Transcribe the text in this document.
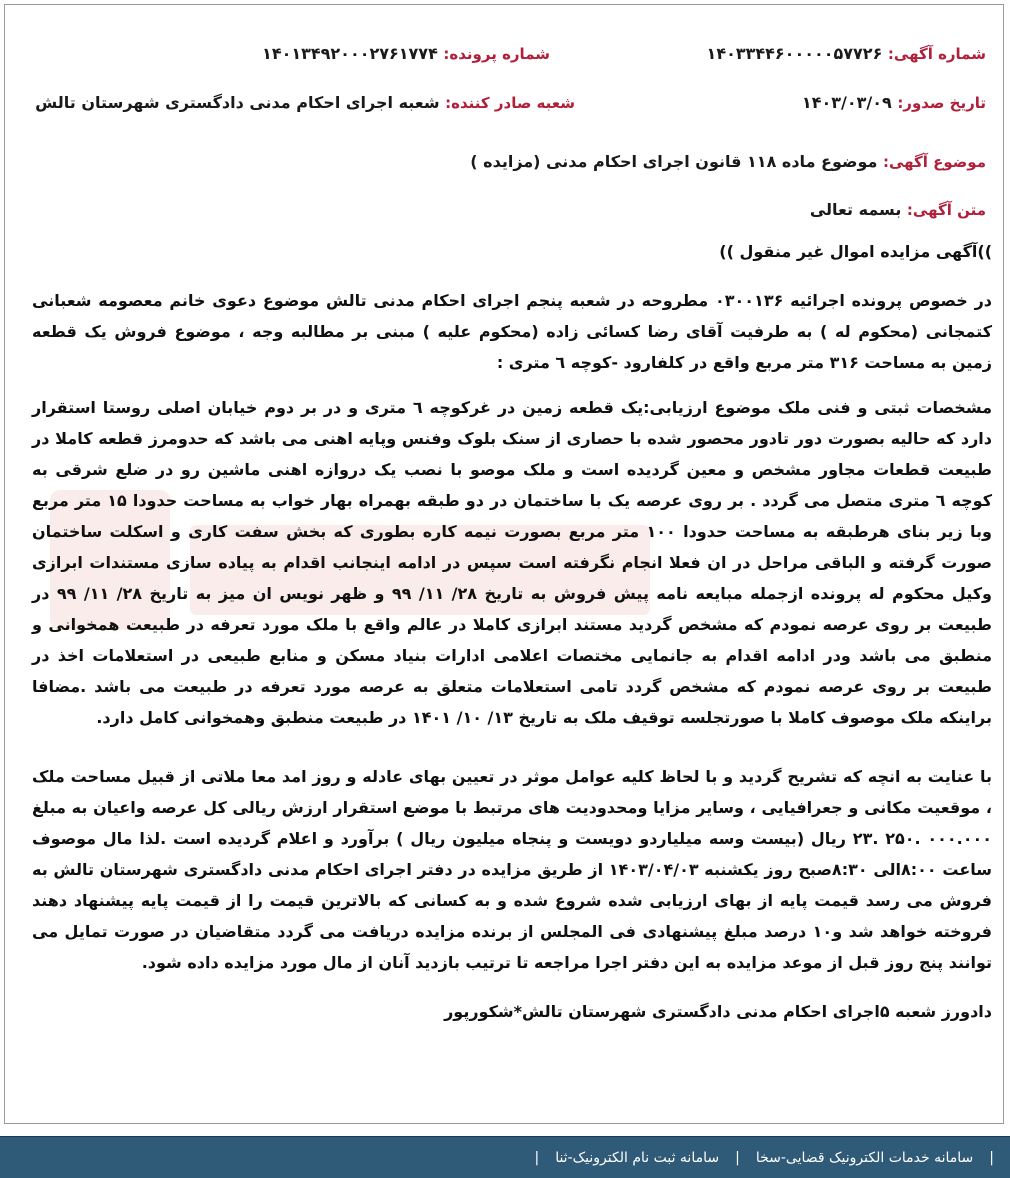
شماره آگهی: ۱۴۰۳۳۴۴۶۰۰۰۰۰۵۷۷۲۶
شماره پرونده: ۱۴۰۱۳۴۹۲۰۰۰۲۷۶۱۷۷۴
تاریخ صدور: ۱۴۰۳/۰۳/۰۹
شعبه صادر کننده: شعبه اجرای احکام مدنی دادگستری شهرستان تالش
موضوع آگهی: موضوع ماده ۱۱۸ قانون اجرای احکام مدنی (مزایده )
متن آگهی: بسمه تعالی

))آگهی مزایده اموال غیر منقول ))

در خصوص پرونده اجرائیه ۰۳۰۰۱۳۶ مطروحه در شعبه پنجم اجرای احکام مدنی تالش موضوع دعوی خانم معصومه شعبانی کتمجانی (محکوم له ) به طرفیت آقای رضا کسائی زاده (محکوم علیه ) مبنی بر مطالبه وجه ، موضوع فروش یک قطعه زمین به مساحت ۳۱۶ متر مربع واقع در کلفارود -کوچه ٦ متری :

مشخصات ثبتی و فنی ملک موضوع ارزیابی:یک قطعه زمین در غرکوچه ٦ متری و در بر دوم خیابان اصلی روستا استقرار دارد که حالیه بصورت دور تادور محصور شده با حصاری از سنک بلوک وفنس وپایه اهنی می باشد که حدومرز قطعه کاملا در طبیعت قطعات مجاور مشخص و معین گردیده است و ملک موصو با نصب یک دروازه اهنی ماشین رو در ضلع شرقی به کوچه ٦ متری متصل می گردد . بر روی عرصه یک با ساختمان در دو طبقه بهمراه بهار خواب به مساحت حدودا ۱۵ متر مربع وبا زیر بنای هرطبقه به مساحت حدودا ۱۰۰ متر مربع بصورت نیمه کاره بطوری که بخش سفت کاری و اسکلت ساختمان صورت گرفته و الباقی مراحل در ان فعلا انجام نگرفته است سپس در ادامه اینجانب اقدام به پیاده سازی مستندات ابرازی وکیل محکوم له پرونده ازجمله مبایعه نامه پیش فروش به تاریخ ۲۸/ ۱۱/ ۹۹ و ظهر نویس ان میز به تاریخ ۲۸/ ۱۱/ ۹۹ در طبیعت بر روی عرصه نمودم که مشخص گردید مستند ابرازی کاملا در عالم واقع با ملک مورد تعرفه در طبیعت همخوانی و منطبق می باشد ودر ادامه اقدام به جانمایی مختصات اعلامی ادارات بنیاد مسکن و منابع طبیعی در استعلامات اخذ در طبیعت بر روی عرصه نمودم که مشخص گردد تامی استعلامات متعلق به عرصه مورد تعرفه در طبیعت می باشد .مضافا براینکه ملک موصوف کاملا با صورتجلسه توقیف ملک به تاریخ ۱۳/ ۱۰/ ۱۴۰۱ در طبیعت منطبق وهمخوانی کامل دارد.

با عنایت به انچه که تشریح گردید و با لحاظ کلیه عوامل موثر در تعیین بهای عادله و روز امد معا ملاتی از قبیل مساحت ملک ، موقعیت مکانی و جعرافیایی ، وسایر مزایا ومحدودیت های مرتبط با موضع استقرار ارزش ریالی کل عرصه واعیان به مبلغ ۰۰۰.۰۰۰ .۲۵۰ .۲۳ ریال (بیست وسه میلیاردو دویست و پنجاه میلیون ریال ) برآورد و اعلام گردیده است .لذا مال موصوف ساعت ۸:۰۰الی ۸:۳۰صبح روز یکشنبه ۱۴۰۳/۰۴/۰۳ از طریق مزایده در دفتر اجرای احکام مدنی دادگستری شهرستان تالش به فروش می رسد قیمت پایه از بهای ارزیابی شده شروع شده و به کسانی که بالاترین قیمت را از قیمت پایه پیشنهاد دهند فروخته خواهد شد و۱۰ درصد مبلغ پیشنهادی فی المجلس از برنده مزایده دریافت می گردد متقاضیان در صورت تمایل می توانند پنج روز قبل از موعد مزایده به این دفتر اجرا مراجعه تا ترتیب بازدید آنان از مال مورد مزایده داده شود.

دادورز شعبه ۵اجرای احکام مدنی دادگستری شهرستان تالش*شکورپور

|
سامانه خدمات الکترونیک قضایی-سخا
|
سامانه ثبت نام الکترونیک-ثنا
|
